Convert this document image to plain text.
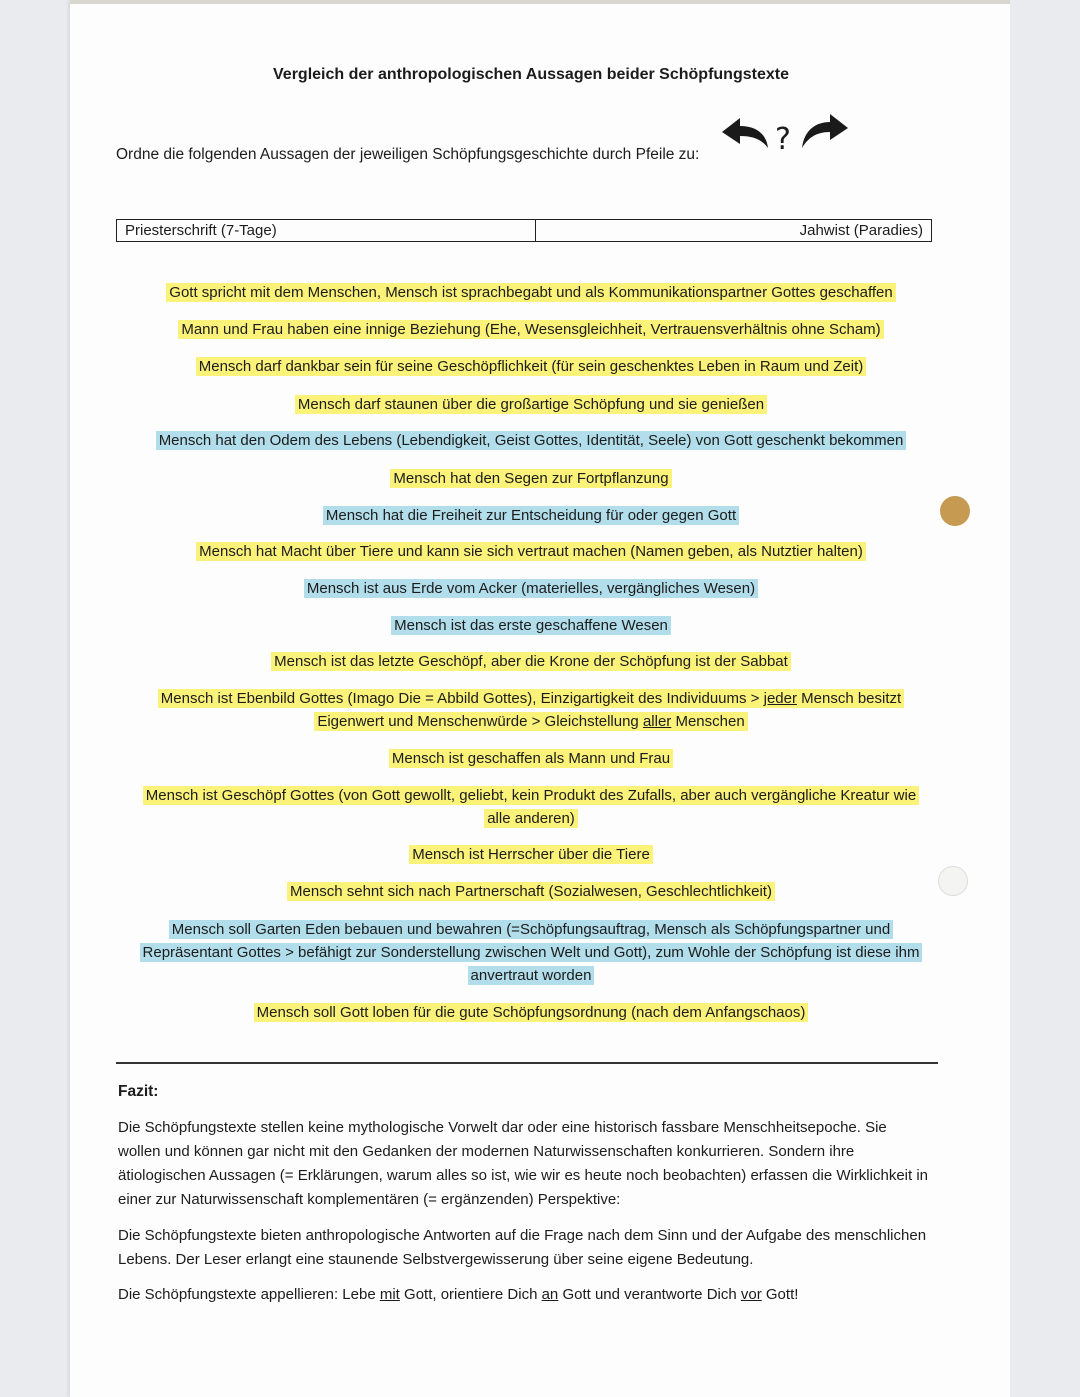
Vergleich der anthropologischen Aussagen beider Schöpfungstexte
Ordne die folgenden Aussagen der jeweiligen Schöpfungsgeschichte durch Pfeile zu:	?
Priesterschrift (7-Tage)	Jahwist (Paradies)
Gott spricht mit dem Menschen, Mensch ist sprachbegabt und als Kommunikationspartner Gottes geschaffen
Mann und Frau haben eine innige Beziehung (Ehe, Wesensgleichheit, Vertrauensverhältnis ohne Scham)
Mensch darf dankbar sein für seine Geschöpflichkeit (für sein geschenktes Leben in Raum und Zeit)
Mensch darf staunen über die großartige Schöpfung und sie genießen
Mensch hat den Odem des Lebens (Lebendigkeit, Geist Gottes, Identität, Seele) von Gott geschenkt bekommen
Mensch hat den Segen zur Fortpflanzung
Mensch hat die Freiheit zur Entscheidung für oder gegen Gott
Mensch hat Macht über Tiere und kann sie sich vertraut machen (Namen geben, als Nutztier halten)
Mensch ist aus Erde vom Acker (materielles, vergängliches Wesen)
Mensch ist das erste geschaffene Wesen
Mensch ist das letzte Geschöpf, aber die Krone der Schöpfung ist der Sabbat
Mensch ist Ebenbild Gottes (Imago Die = Abbild Gottes), Einzigartigkeit des Individuums > jeder Mensch besitzt
Eigenwert und Menschenwürde > Gleichstellung aller Menschen
Mensch ist geschaffen als Mann und Frau
Mensch ist Geschöpf Gottes (von Gott gewollt, geliebt, kein Produkt des Zufalls, aber auch vergängliche Kreatur wie
alle anderen)
Mensch ist Herrscher über die Tiere
Mensch sehnt sich nach Partnerschaft (Sozialwesen, Geschlechtlichkeit)
Mensch soll Garten Eden bebauen und bewahren (=Schöpfungsauftrag, Mensch als Schöpfungspartner und
Repräsentant Gottes > befähigt zur Sonderstellung zwischen Welt und Gott), zum Wohle der Schöpfung ist diese ihm
anvertraut worden
Mensch soll Gott loben für die gute Schöpfungsordnung (nach dem Anfangschaos)
Fazit:
Die Schöpfungstexte stellen keine mythologische Vorwelt dar oder eine historisch fassbare Menschheitsepoche. Sie wollen und können gar nicht mit den Gedanken der modernen Naturwissenschaften konkurrieren. Sondern ihre ätiologischen Aussagen (= Erklärungen, warum alles so ist, wie wir es heute noch beobachten) erfassen die Wirklichkeit in einer zur Naturwissenschaft komplementären (= ergänzenden) Perspektive:
Die Schöpfungstexte bieten anthropologische Antworten auf die Frage nach dem Sinn und der Aufgabe des menschlichen Lebens. Der Leser erlangt eine staunende Selbstvergewisserung über seine eigene Bedeutung.
Die Schöpfungstexte appellieren: Lebe mit Gott, orientiere Dich an Gott und verantworte Dich vor Gott!
